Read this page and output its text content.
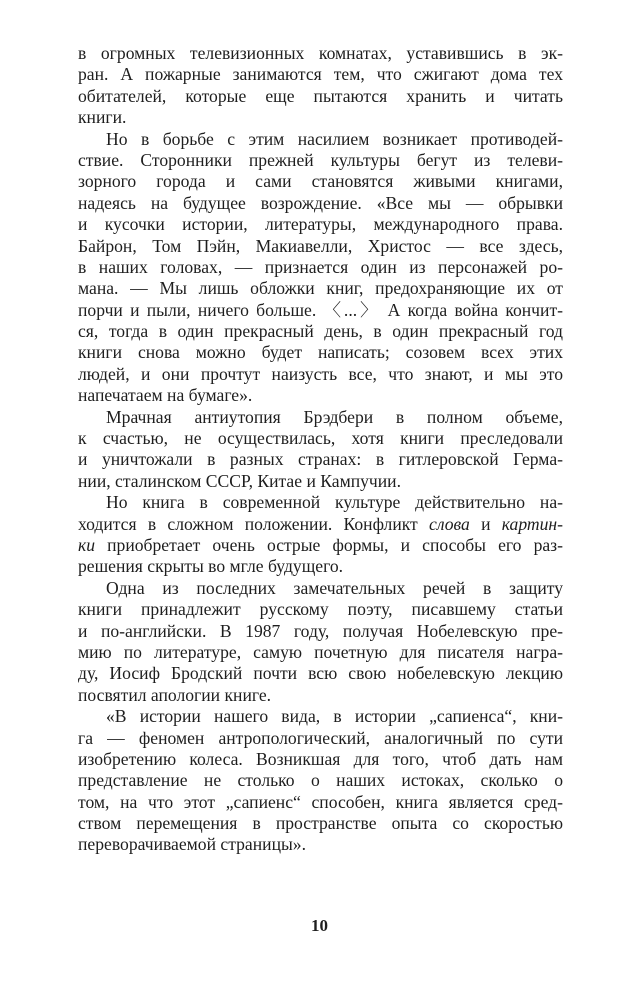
в огромных телевизионных комнатах, уставившись в эк-
ран. А пожарные занимаются тем, что сжигают дома тех
обитателей, которые еще пытаются хранить и читать
книги.
Но в борьбе с этим насилием возникает противодей-
ствие. Сторонники прежней культуры бегут из телеви-
зорного города и сами становятся живыми книгами,
надеясь на будущее возрождение. «Все мы — обрывки
и кусочки истории, литературы, международного права.
Байрон, Том Пэйн, Макиавелли, Христос — все здесь,
в наших головах, — признается один из персонажей ро-
мана. — Мы лишь обложки книг, предохраняющие их от
порчи и пыли, ничего больше. 〈...〉 А когда война кончит-
ся, тогда в один прекрасный день, в один прекрасный год
книги снова можно будет написать; созовем всех этих
людей, и они прочтут наизусть все, что знают, и мы это
напечатаем на бумаге».
Мрачная антиутопия Брэдбери в полном объеме,
к счастью, не осуществилась, хотя книги преследовали
и уничтожали в разных странах: в гитлеровской Герма-
нии, сталинском СССР, Китае и Кампучии.
Но книга в современной культуре действительно на-
ходится в сложном положении. Конфликт слова и картин-
ки приобретает очень острые формы, и способы его раз-
решения скрыты во мгле будущего.
Одна из последних замечательных речей в защиту
книги принадлежит русскому поэту, писавшему статьи
и по-английски. В 1987 году, получая Нобелевскую пре-
мию по литературе, самую почетную для писателя награ-
ду, Иосиф Бродский почти всю свою нобелевскую лекцию
посвятил апологии книге.
«В истории нашего вида, в истории „сапиенса“, кни-
га — феномен антропологический, аналогичный по сути
изобретению колеса. Возникшая для того, чтоб дать нам
представление не столько о наших истоках, сколько о
том, на что этот „сапиенс“ способен, книга является сред-
ством перемещения в пространстве опыта со скоростью
переворачиваемой страницы».
10
